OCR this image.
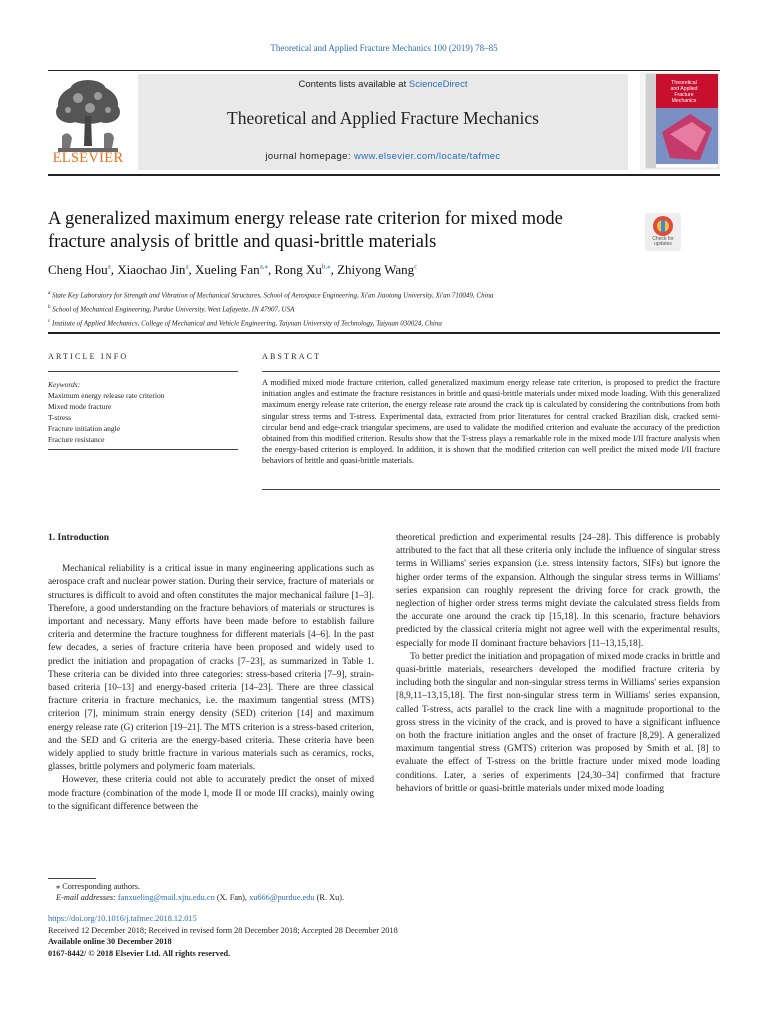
Theoretical and Applied Fracture Mechanics 100 (2019) 78–85
ELSEVIER
Contents lists available at ScienceDirect
Theoretical and Applied Fracture Mechanics
journal homepage: www.elsevier.com/locate/tafmec
Theoretical
and Applied
Fracture
Mechanics
A generalized maximum energy release rate criterion for mixed mode fracture analysis of brittle and quasi-brittle materials	Check for updates
Cheng Hou$^a$, Xiaochao Jin$^a$, Xueling Fan$^{a,⁎}$, Rong $Xu^{b,⁎}$, Zhiyong Wang$^c$
$^a$ State Key Laboratory for Strength and Vibration of Mechanical Structures, School of Aerospace Engineering, Xi'an Jiaotong University, Xi'an 710049, China
$^b$ School of Mechanical Engineering, Purdue University, West Lafayette, IN 47907, USA
$^c$ Institute of Applied Mechanics, College of Mechanical and Vehicle Engineering, Taiyuan University of Technology, Taiyuan 030024, China
ARTICLE INFO	ABSTRACT
Keywords:
Maximum energy release rate criterion
Mixed mode fracture
T-stress
Fracture initiation angle
Fracture resistance
A modified mixed mode fracture criterion, called generalized maximum energy release rate criterion, is proposed to predict the fracture initiation angles and estimate the fracture resistances in brittle and quasi-brittle materials under mixed mode loading. With this generalized maximum energy release rate criterion, the energy release rate around the crack tip is calculated by considering the contributions from both singular stress terms and T-stress. Experimental data, extracted from prior literatures for central cracked Brazilian disk, cracked semi-circular bend and edge-crack triangular specimens, are used to validate the modified criterion and evaluate the accuracy of the prediction obtained from this modified criterion. Results show that the T-stress plays a remarkable role in the mixed mode I/II fracture analysis when the energy-based criterion is employed. In addition, it is shown that the modified criterion can well predict the mixed mode I/II fracture behaviors of brittle and quasi-brittle materials.
1. Introduction

Mechanical reliability is a critical issue in many engineering applications such as aerospace craft and nuclear power station. During their service, fracture of materials or structures is difficult to avoid and often constitutes the major mechanical failure [1–3]. Therefore, a good understanding on the fracture behaviors of materials or structures is important and necessary. Many efforts have been made before to establish failure criteria and determine the fracture toughness for different materials [4–6]. In the past few decades, a series of fracture criteria have been proposed and widely used to predict the initiation and propagation of cracks [7–23], as summarized in Table 1. These criteria can be divided into three categories: stress-based criteria [7–9], strain-based criteria [10–13] and energy-based criteria [14–23]. There are three classical fracture criteria in fracture mechanics, i.e. the maximum tangential stress (MTS) criterion [7], minimum strain energy density (SED) criterion [14] and maximum energy release rate (G) criterion [19–21]. The MTS criterion is a stress-based criterion, and the SED and G criteria are the energy-based criteria. These criteria have been widely applied to study brittle fracture in various materials such as ceramics, rocks, glasses, brittle polymers and polymeric foam materials.

However, these criteria could not able to accurately predict the onset of mixed mode fracture (combination of the mode I, mode II or mode III cracks), mainly owing to the significant difference between the

theoretical prediction and experimental results [24–28]. This difference is probably attributed to the fact that all these criteria only include the influence of singular stress terms in Williams' series expansion (i.e. stress intensity factors, SIFs) but ignore the higher order terms of the expansion. Although the singular stress terms in Williams' series expansion can roughly represent the driving force for crack growth, the neglection of higher order stress terms might deviate the calculated stress fields from the accurate one around the crack tip [15,18]. In this scenario, fracture behaviors predicted by the classical criteria might not agree well with the experimental results, especially for mode II dominant fracture behaviors [11–13,15,18].

To better predict the initiation and propagation of mixed mode cracks in brittle and quasi-brittle materials, researchers developed the modified fracture criteria by including both the singular and non-singular stress terms in Williams' series expansion [8,9,11–13,15,18]. The first non-singular stress term in Williams' series expansion, called T-stress, acts parallel to the crack line with a magnitude proportional to the gross stress in the vicinity of the crack, and is proved to have a significant influence on both the fracture initiation angles and the onset of fracture [8,29]. A generalized maximum tangential stress (GMTS) criterion was proposed by Smith et al. [8] to evaluate the effect of T-stress on the brittle fracture under mixed mode loading conditions. Later, a series of experiments [24,30–34] confirmed that fracture behaviors of brittle or quasi-brittle materials under mixed mode loading

⁎ Corresponding authors.
E-mail addresses: fanxueling@mail.xjtu.edu.cn (X. Fan), xu666@purdue.edu (R. Xu).
https://doi.org/10.1016/j.tafmec.2018.12.015
Received 12 December 2018; Received in revised form 28 December 2018; Accepted 28 December 2018
Available online 30 December 2018
0167-8442/ © 2018 Elsevier Ltd. All rights reserved.
